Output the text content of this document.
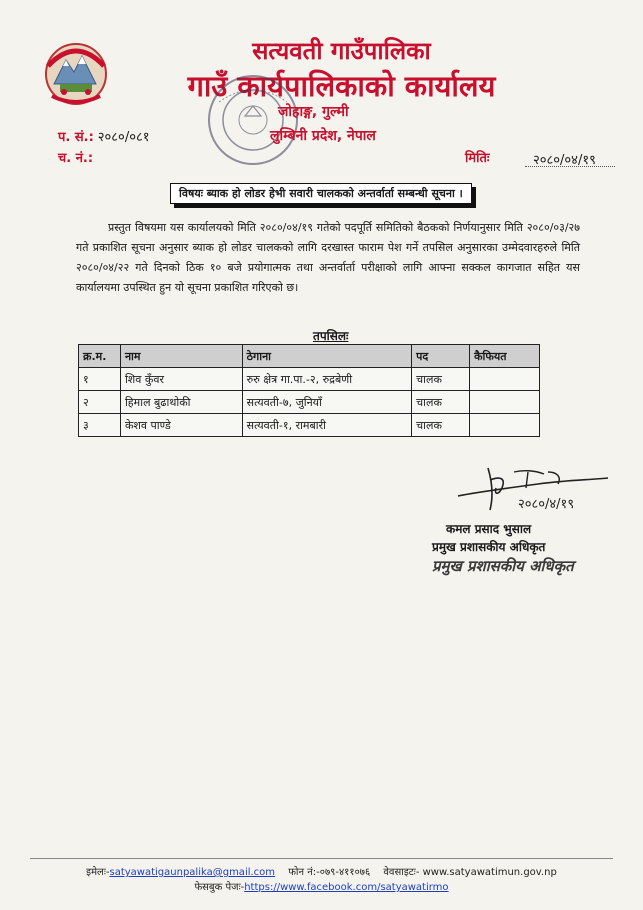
सत्यवती गाउँपालिका
गाउँ कार्यपालिकाको कार्यालय
जोहाङ्ग, गुल्मी
लुम्बिनी प्रदेश, नेपाल
प. सं.: २०८०/०८१
च. नं.:	मितिः	२०८०/०४/१९
विषयः ब्याक हो लोडर हेभी सवारी चालकको अन्तर्वार्ता सम्बन्धी सूचना ।
प्रस्तुत विषयमा यस कार्यालयको मिति २०८०/०४/१९ गतेको पदपूर्ति समितिको बैठकको निर्णयानुसार मिति २०८०/०३/२७ गते प्रकाशित सूचना अनुसार ब्याक हो लोडर चालकको लागि दरखास्त फाराम पेश गर्ने तपसिल अनुसारका उम्मेदवारहरुले मिति २०८०/०४/२२ गते दिनको ठिक १० बजे प्रयोगात्मक तथा अन्तर्वार्ता परीक्षाको लागि आफ्ना सक्कल कागजात सहित यस कार्यालयमा उपस्थित हुन यो सूचना प्रकाशित गरिएको छ।
तपसिलः
क्र.म.	नाम	ठेगाना	पद	कैफियत
१	शिव कुँवर	रुरु क्षेत्र गा.पा.-२, रुद्रबेणी	चालक	
२	हिमाल बुढाथोकी	सत्यवती-७, जुनियाँ	चालक	
३	केशव पाण्डे	सत्यवती-१, रामबारी	चालक	
२०८०/४/१९
कमल प्रसाद भुसाल
प्रमुख प्रशासकीय अधिकृत
प्रमुख प्रशासकीय अधिकृत
इमेलः-satyawatigaunpalika@gmail.com फोन नं:-०७९-४११०७६ वेवसाइटः- www.satyawatimun.gov.np
फेसबुक पेजः-https://www.facebook.com/satyawatirmo
